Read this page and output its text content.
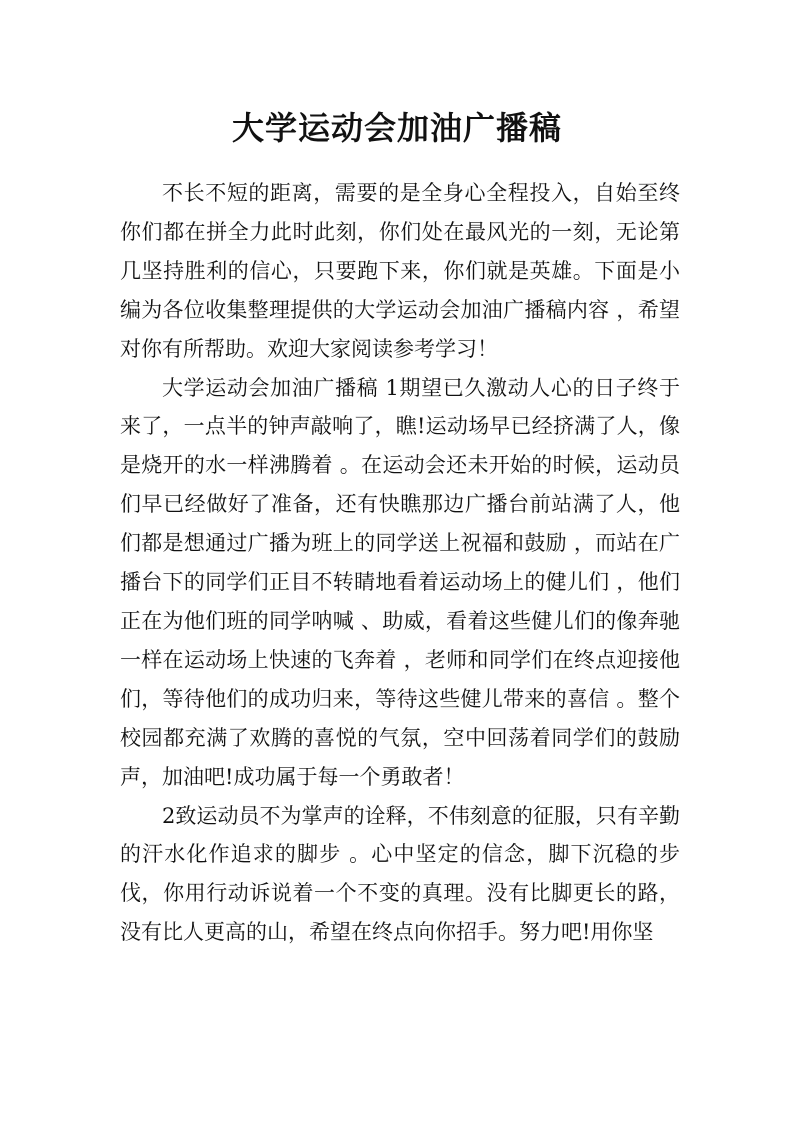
大学运动会加油广播稿

不长不短的距离，需要的是全身心全程投入，自始至终你们都在拼全力此时此刻，你们处在最风光的一刻，无论第几坚持胜利的信心，只要跑下来，你们就是英雄。下面是小编为各位收集整理提供的大学运动会加油广播稿内容 ，希望对你有所帮助。欢迎大家阅读参考学习！

大学运动会加油广播稿 1期望已久激动人心的日子终于来了，一点半的钟声敲响了，瞧!运动场早已经挤满了人，像是烧开的水一样沸腾着 。在运动会还未开始的时候，运动员们早已经做好了准备，还有快瞧那边广播台前站满了人，他们都是想通过广播为班上的同学送上祝福和鼓励 ，而站在广播台下的同学们正目不转睛地看着运动场上的健儿们 ，他们正在为他们班的同学呐喊 、助威，看着这些健儿们的像奔驰一样在运动场上快速的飞奔着 ，老师和同学们在终点迎接他们，等待他们的成功归来，等待这些健儿带来的喜信 。整个校园都充满了欢腾的喜悦的气氛，空中回荡着同学们的鼓励声，加油吧!成功属于每一个勇敢者！

2致运动员不为掌声的诠释，不伟刻意的征服，只有辛勤的汗水化作追求的脚步 。心中坚定的信念，脚下沉稳的步伐，你用行动诉说着一个不变的真理。没有比脚更长的路，没有比人更高的山，希望在终点向你招手。努力吧!用你坚
